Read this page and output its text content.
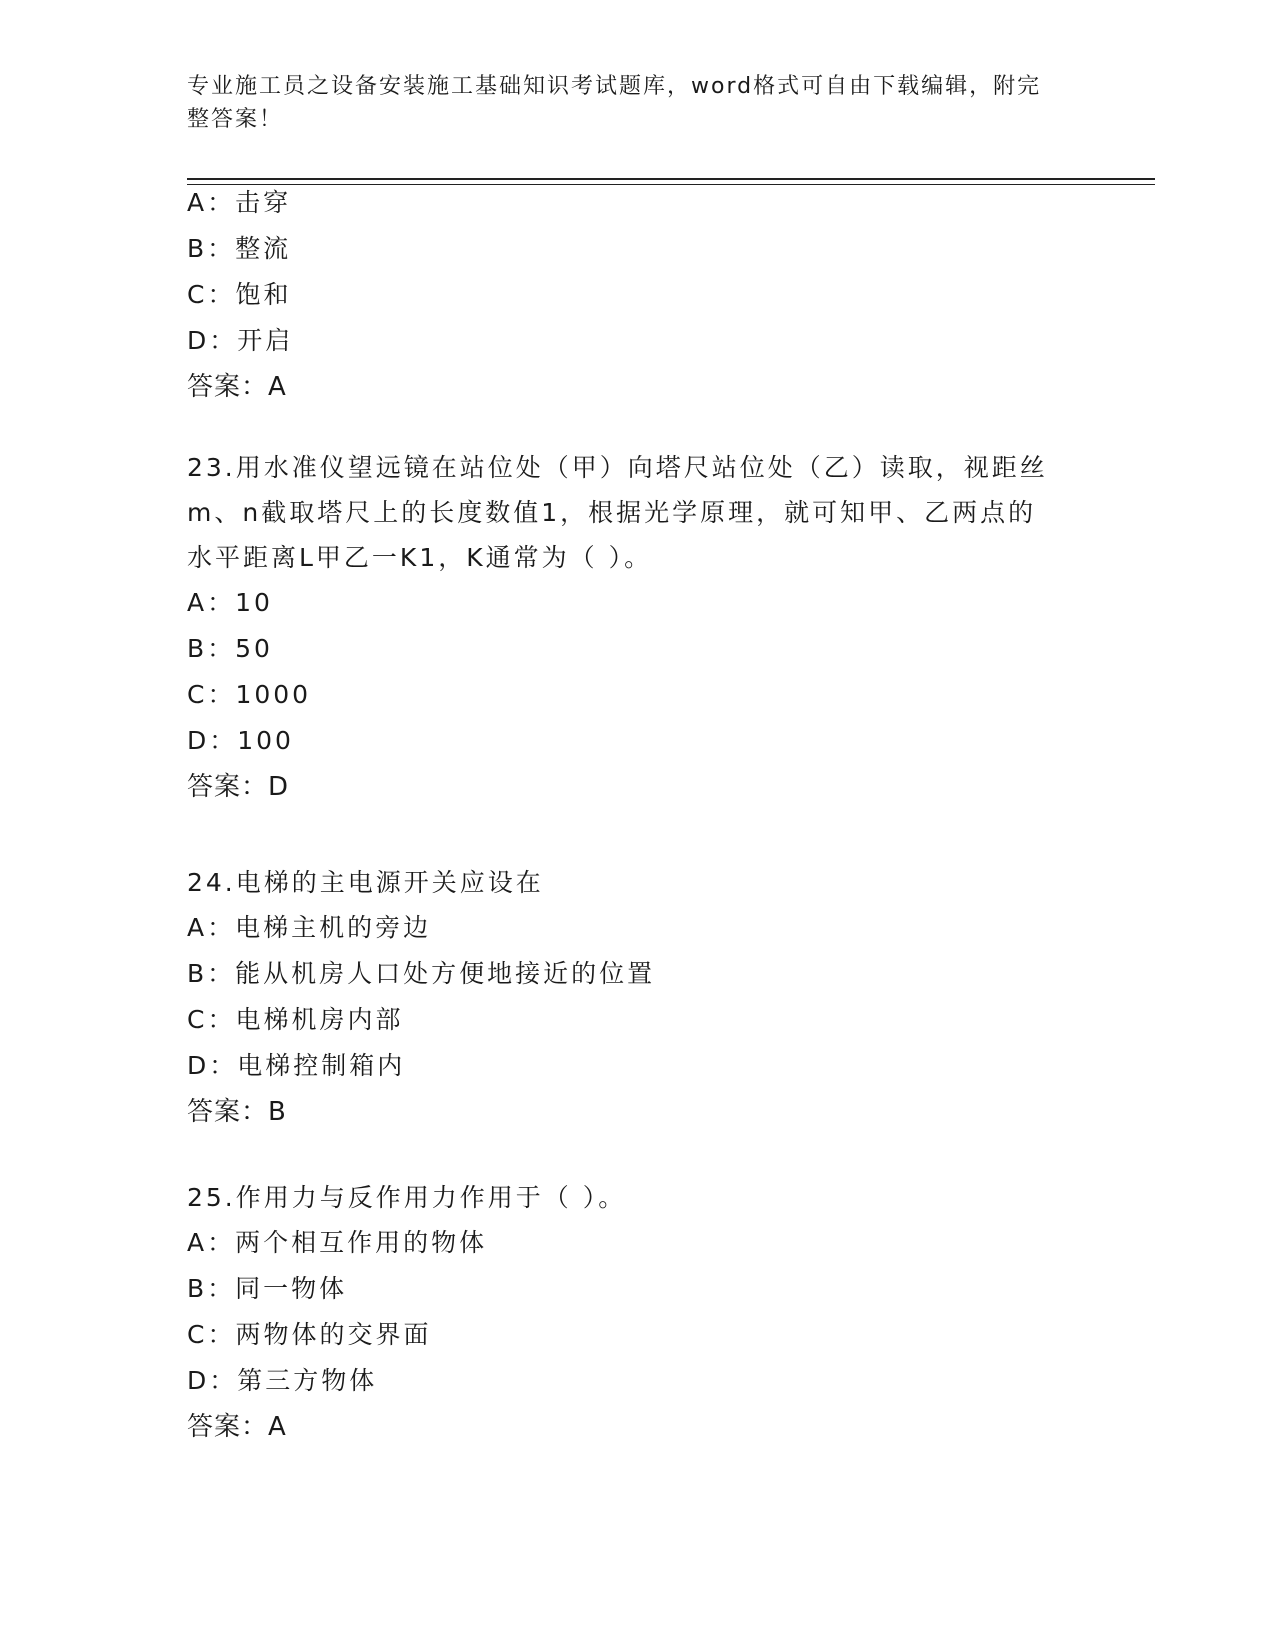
专业施工员之设备安装施工基础知识考试题库，word格式可自由下载编辑，附完
整答案！
A：击穿
B：整流
C：饱和
D：开启
答案：A
23.用水准仪望远镜在站位处（甲）向塔尺站位处（乙）读取，视距丝
m、n截取塔尺上的长度数值1，根据光学原理，就可知甲、乙两点的
水平距离L甲乙一K1，K通常为（ ）。
A：10
B：50
C：1000
D：100
答案：D
24.电梯的主电源开关应设在
A：电梯主机的旁边
B：能从机房人口处方便地接近的位置
C：电梯机房内部
D：电梯控制箱内
答案：B
25.作用力与反作用力作用于（ ）。
A：两个相互作用的物体
B：同一物体
C：两物体的交界面
D：第三方物体
答案：A
